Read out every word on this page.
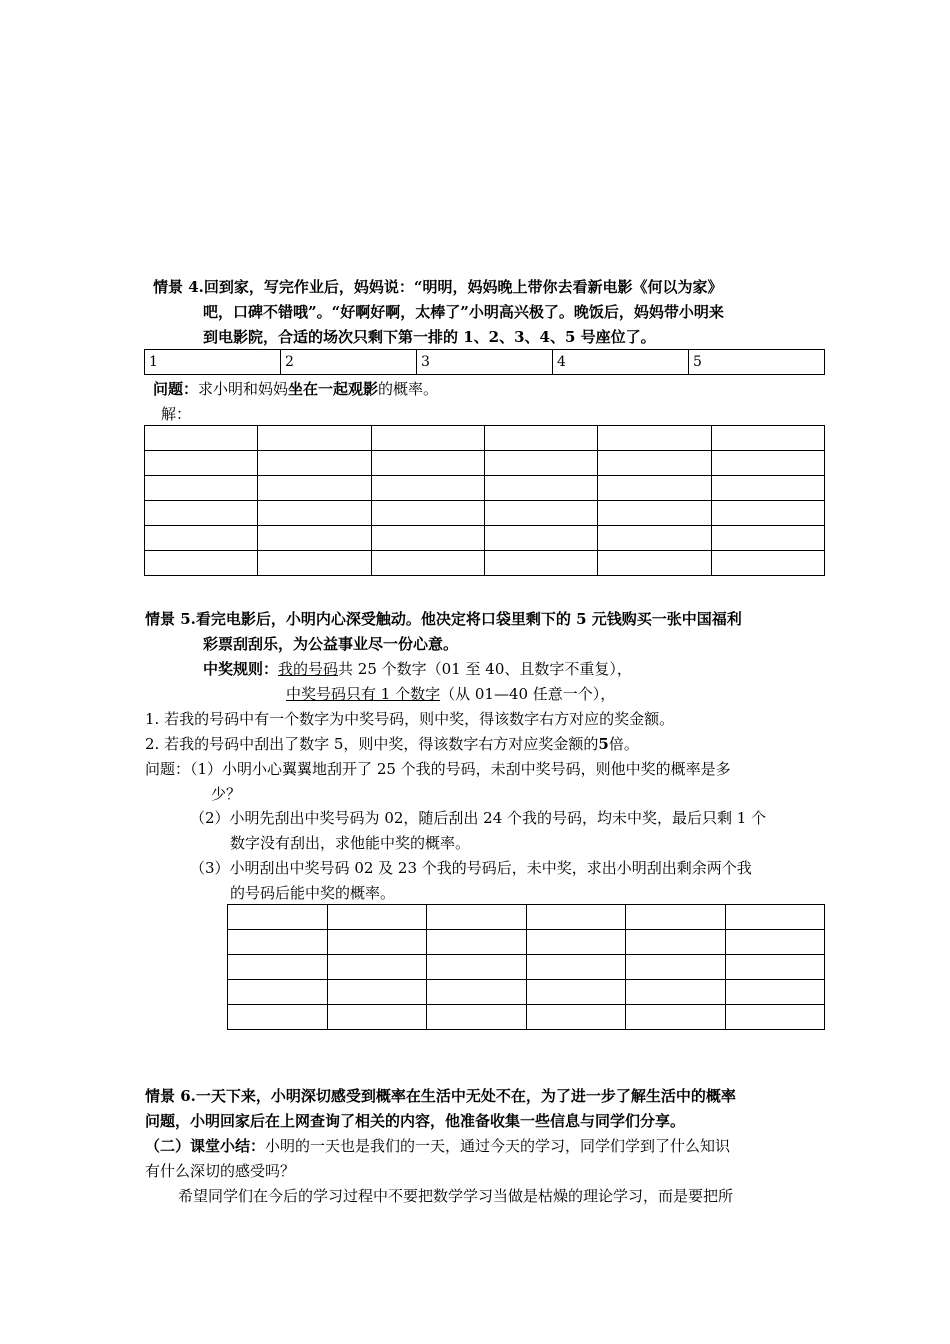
情景 4.回到家，写完作业后，妈妈说：“明明，妈妈晚上带你去看新电影《何以为家》
吧，口碑不错哦”。“好啊好啊，太棒了”小明高兴极了。晚饭后，妈妈带小明来
到电影院，合适的场次只剩下第一排的 1、2、3、4、5 号座位了。
1	2	3	4	5
问题：求小明和妈妈坐在一起观影的概率。
解：

情景 5.看完电影后，小明内心深受触动。他决定将口袋里剩下的 5 元钱购买一张中国福利
彩票刮刮乐，为公益事业尽一份心意。
中奖规则：我的号码共 25 个数字（01 至 40、且数字不重复），
中奖号码只有 1 个数字（从 01—40 任意一个），
1. 若我的号码中有一个数字为中奖号码，则中奖，得该数字右方对应的奖金额。
2. 若我的号码中刮出了数字 5，则中奖，得该数字右方对应奖金额的5倍。
问题：（1）小明小心翼翼地刮开了 25 个我的号码，未刮中奖号码，则他中奖的概率是多
少？
（2）小明先刮出中奖号码为 02，随后刮出 24 个我的号码，均未中奖，最后只剩 1 个
数字没有刮出，求他能中奖的概率。
（3）小明刮出中奖号码 02 及 23 个我的号码后，未中奖，求出小明刮出剩余两个我
的号码后能中奖的概率。

情景 6.一天下来，小明深切感受到概率在生活中无处不在，为了进一步了解生活中的概率
问题，小明回家后在上网查询了相关的内容，他准备收集一些信息与同学们分享。
（二）课堂小结：小明的一天也是我们的一天，通过今天的学习，同学们学到了什么知识
有什么深切的感受吗？
希望同学们在今后的学习过程中不要把数学学习当做是枯燥的理论学习，而是要把所
